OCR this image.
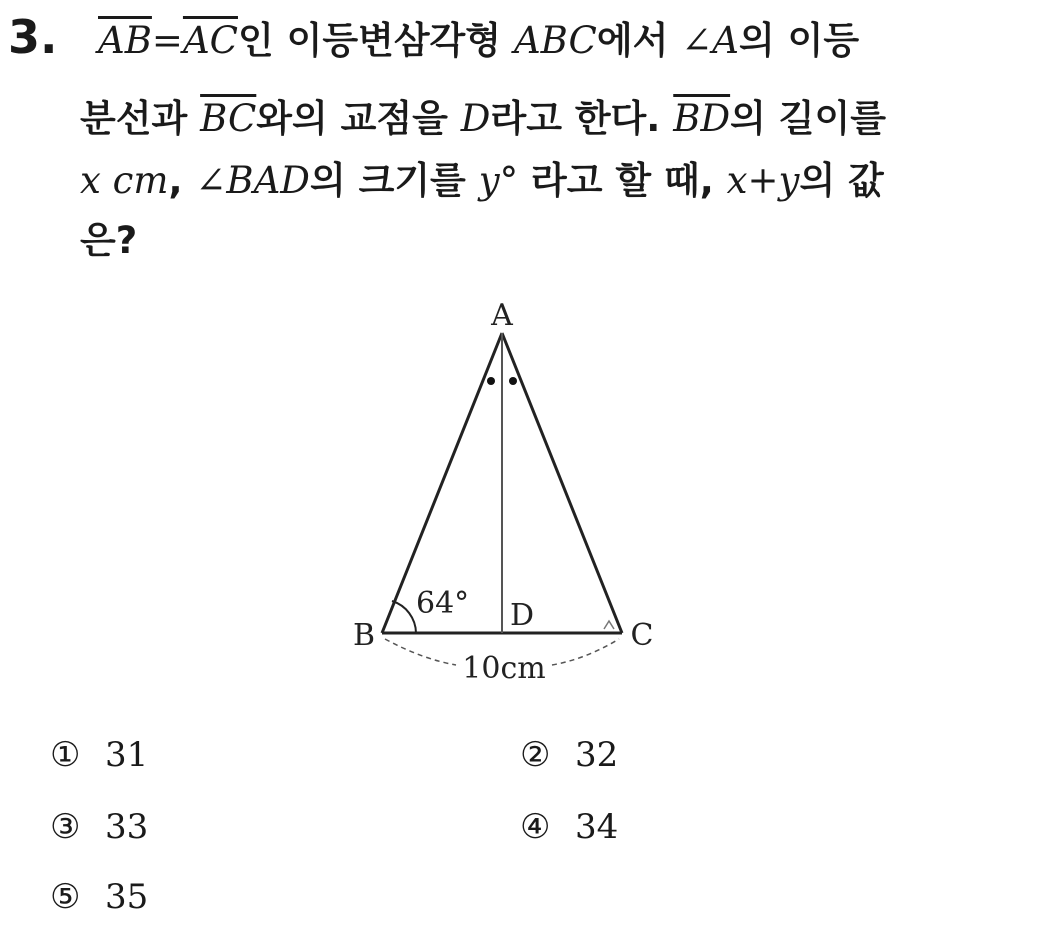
3.	$\overline{AB}=\overline{AC}$인 이등변삼각형 ABC에서 ∠A의 이등
분선과 $\overline{BC}$와의 교점을 D라고 한다. $\overline{BD}$의 길이를
x cm, ∠BAD의 크기를 y° 라고 할 때, x+y의 값
은?
A
B	C
D
64°
10cm
① 31	② 32
③ 33	④ 34
⑤ 35
